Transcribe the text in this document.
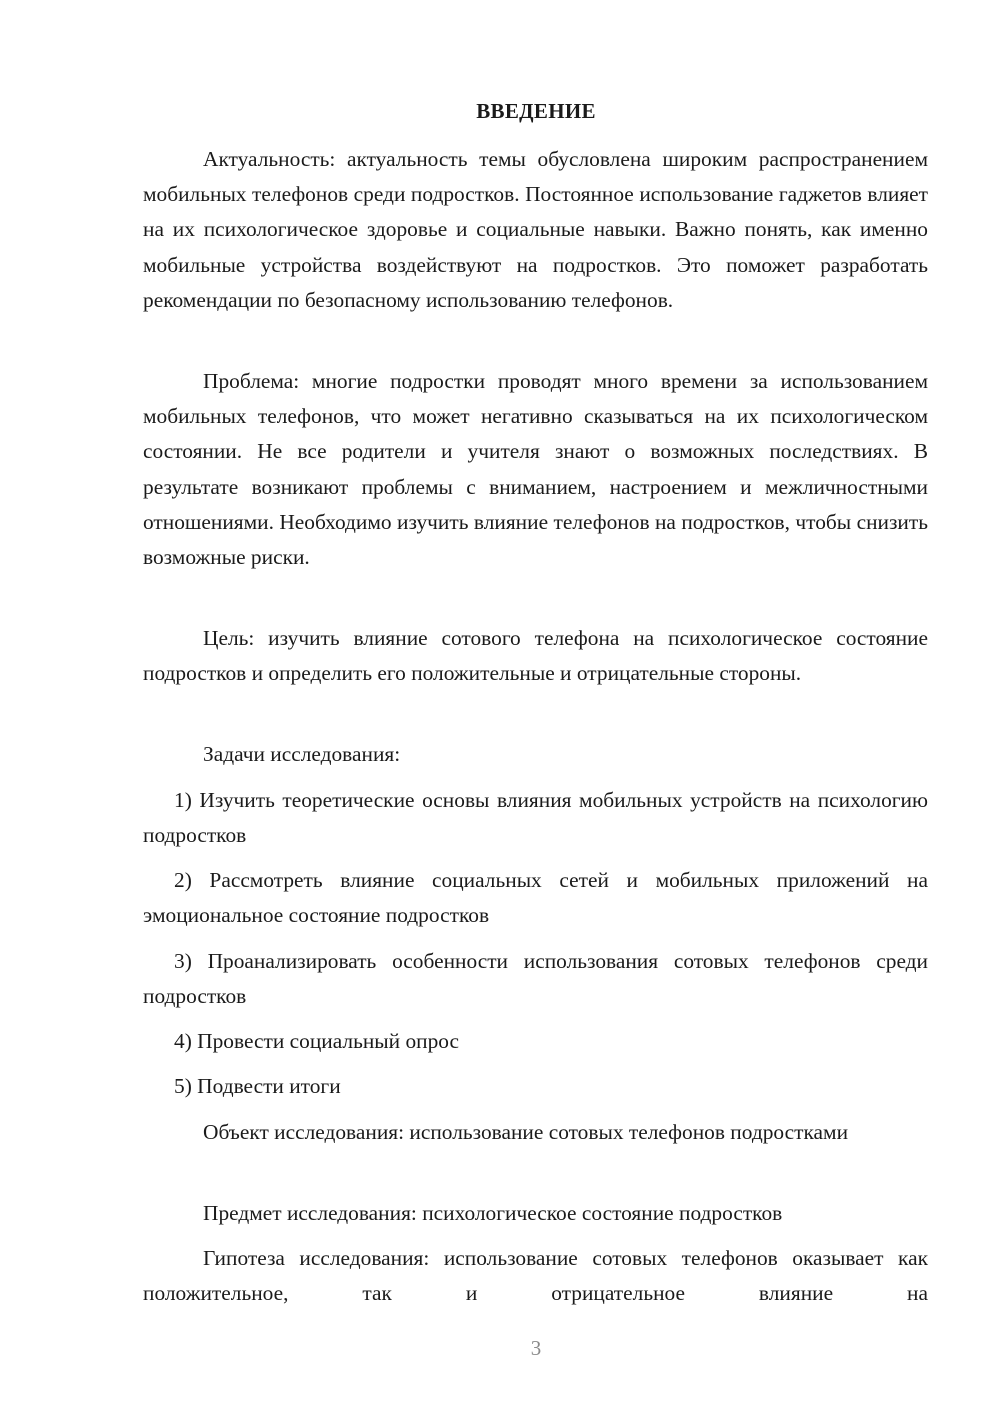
ВВЕДЕНИЕ

Актуальность: актуальность темы обусловлена широким распространением мобильных телефонов среди подростков. Постоянное использование гаджетов влияет на их психологическое здоровье и социальные навыки. Важно понять, как именно мобильные устройства воздействуют на подростков. Это поможет разработать рекомендации по безопасному использованию телефонов.

Проблема: многие подростки проводят много времени за использованием мобильных телефонов, что может негативно сказываться на их психологическом состоянии. Не все родители и учителя знают о возможных последствиях. В результате возникают проблемы с вниманием, настроением и межличностными отношениями. Необходимо изучить влияние телефонов на подростков, чтобы снизить возможные риски.

Цель: изучить влияние сотового телефона на психологическое состояние подростков и определить его положительные и отрицательные стороны.

Задачи исследования:

1) Изучить теоретические основы влияния мобильных устройств на психологию подростков

2) Рассмотреть влияние социальных сетей и мобильных приложений на эмоциональное состояние подростков

3) Проанализировать особенности использования сотовых телефонов среди подростков

4) Провести социальный опрос

5) Подвести итоги

Объект исследования: использование сотовых телефонов подростками

Предмет исследования: психологическое состояние подростков

Гипотеза исследования: использование сотовых телефонов оказывает как положительное, так и отрицательное влияние на

3
